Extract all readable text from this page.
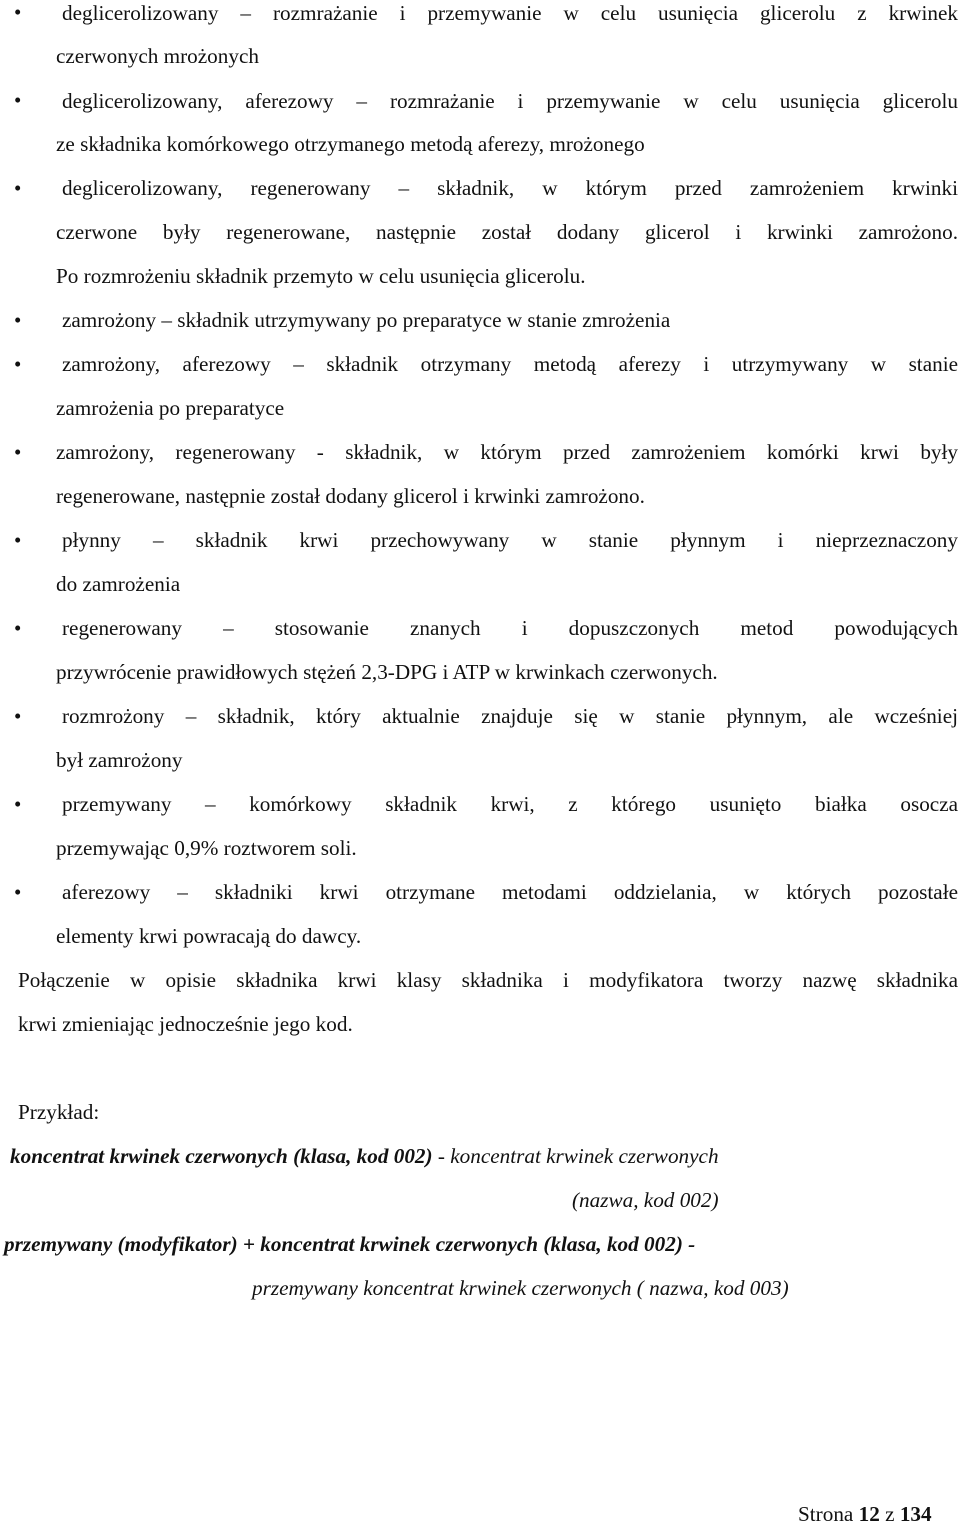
•	deglicerolizowany – rozmrażanie i przemywanie w celu usunięcia glicerolu z krwinek
czerwonych mrożonych
•	deglicerolizowany, aferezowy – rozmrażanie i przemywanie w celu usunięcia glicerolu
ze składnika komórkowego otrzymanego metodą aferezy, mrożonego
•	deglicerolizowany, regenerowany – składnik, w którym przed zamrożeniem krwinki
czerwone były regenerowane, następnie został dodany glicerol i krwinki zamrożono.
Po rozmrożeniu składnik przemyto w celu usunięcia glicerolu.
•	zamrożony – składnik utrzymywany po preparatyce w stanie zmrożenia
•	zamrożony, aferezowy – składnik otrzymany metodą aferezy i utrzymywany w stanie
zamrożenia po preparatyce
•	zamrożony, regenerowany - składnik, w którym przed zamrożeniem komórki krwi były
regenerowane, następnie został dodany glicerol i krwinki zamrożono.
•	płynny – składnik krwi przechowywany w stanie płynnym i nieprzeznaczony
do zamrożenia
•	regenerowany – stosowanie znanych i dopuszczonych metod powodujących
przywrócenie prawidłowych stężeń 2,3-DPG i ATP w krwinkach czerwonych.
•	rozmrożony – składnik, który aktualnie znajduje się w stanie płynnym, ale wcześniej
był zamrożony
•	przemywany – komórkowy składnik krwi, z którego usunięto białka osocza
przemywając 0,9% roztworem soli.
•	aferezowy – składniki krwi otrzymane metodami oddzielania, w których pozostałe
elementy krwi powracają do dawcy.
Połączenie w opisie składnika krwi klasy składnika i modyfikatora tworzy nazwę składnika
krwi zmieniając jednocześnie jego kod.
Przykład:
koncentrat krwinek czerwonych (klasa, kod 002) - koncentrat krwinek czerwonych
(nazwa, kod 002)
przemywany (modyfikator) + koncentrat krwinek czerwonych (klasa, kod 002) -
przemywany koncentrat krwinek czerwonych ( nazwa, kod 003)
Strona 12 z 134
